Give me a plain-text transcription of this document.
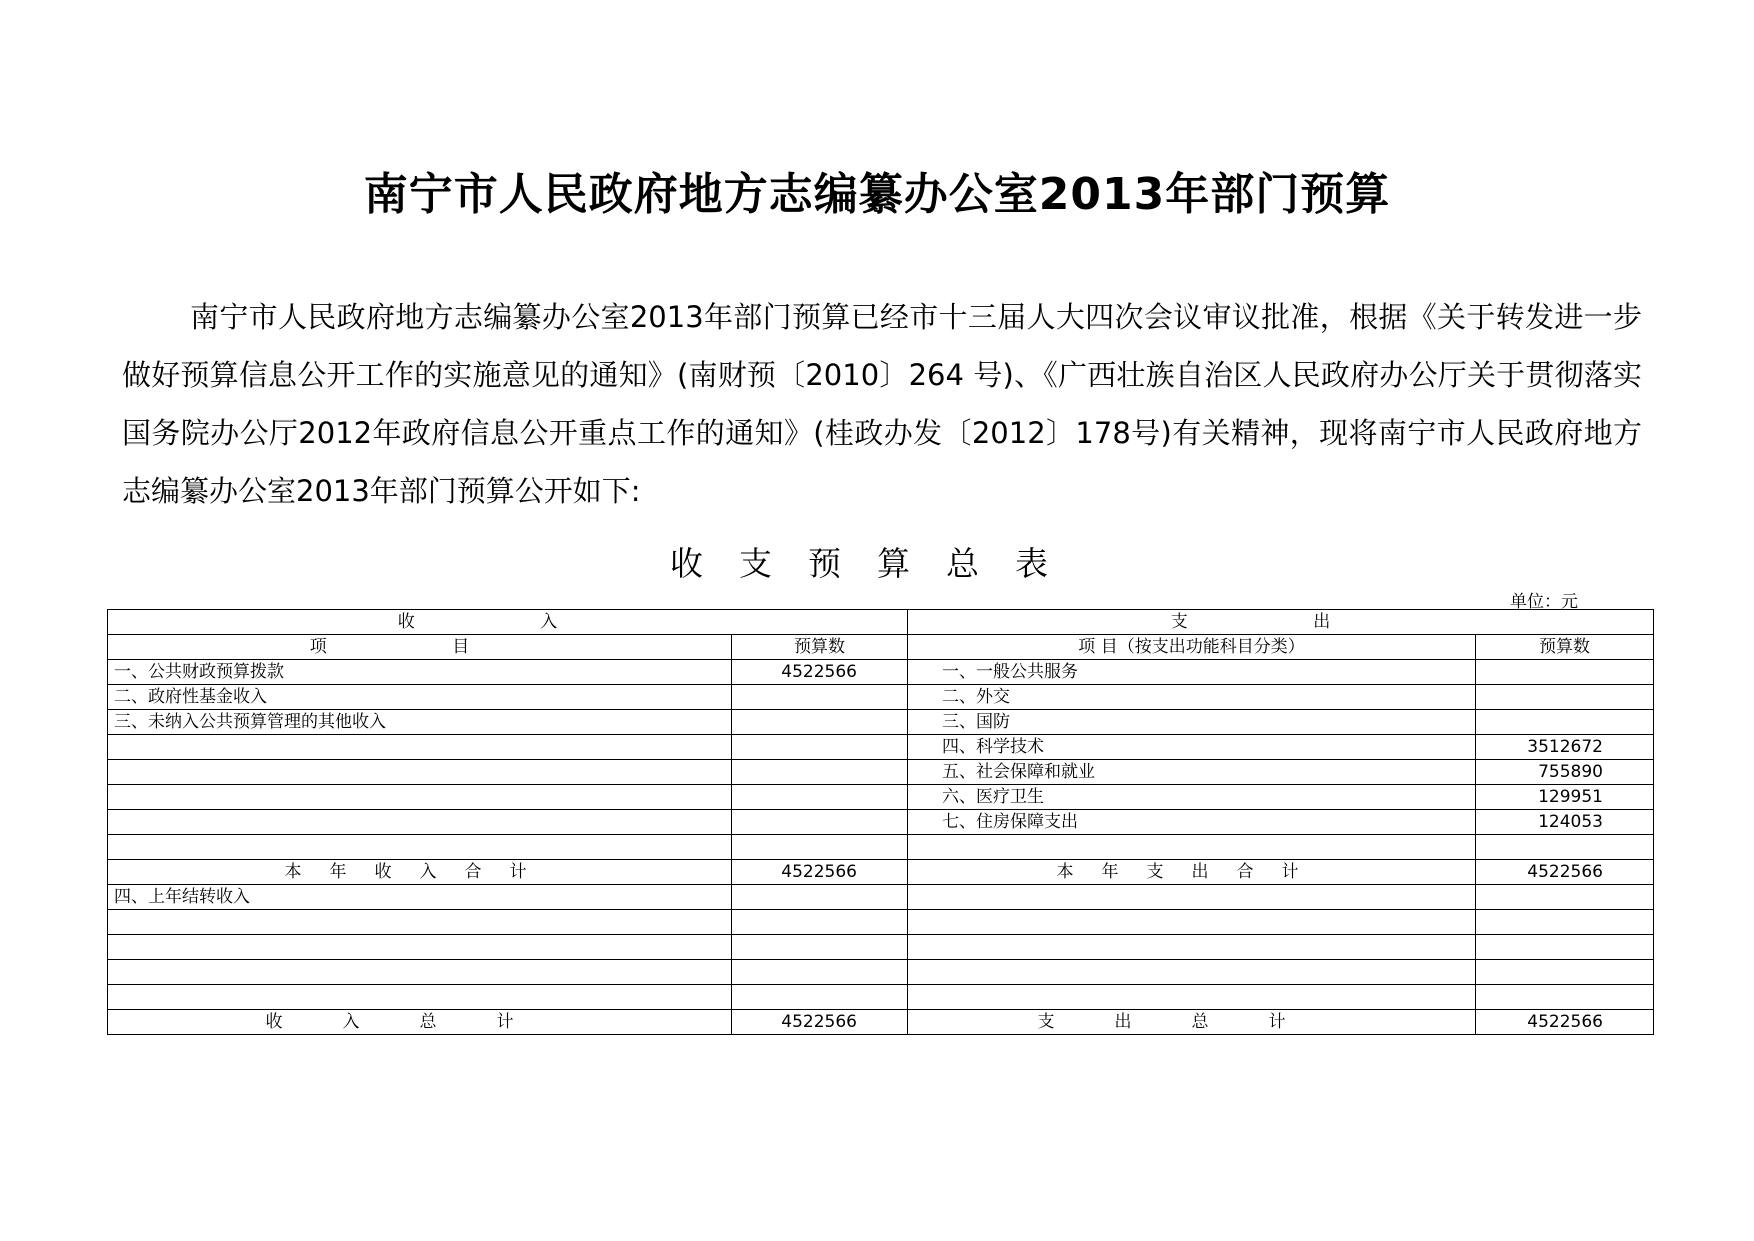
南宁市人民政府地方志编纂办公室2013年部门预算

南宁市人民政府地方志编纂办公室2013年部门预算已经市十三届人大四次会议审议批准，根据《关于转发进一步做好预算信息公开工作的实施意见的通知》(南财预〔2010〕264 号)、《广西壮族自治区人民政府办公厅关于贯彻落实国务院办公厅2012年政府信息公开重点工作的通知》(桂政办发〔2012〕178号)有关精神，现将南宁市人民政府地方志编纂办公室2013年部门预算公开如下:

收支预算总表
单位：元
收 入		支 出	
项 目	预算数	项 目（按支出功能科目分类）	预算数
一、公共财政预算拨款	4522566	一、一般公共服务	
二、政府性基金收入		二、外交	
三、未纳入公共预算管理的其他收入		三、国防	
		四、科学技术	3512672
		五、社会保障和就业	755890
		六、医疗卫生	129951
		七、住房保障支出	124053

本年收入合计	4522566	本年支出合计	4522566
四、上年结转收入			

收入总计	4522566	支出总计	4522566
